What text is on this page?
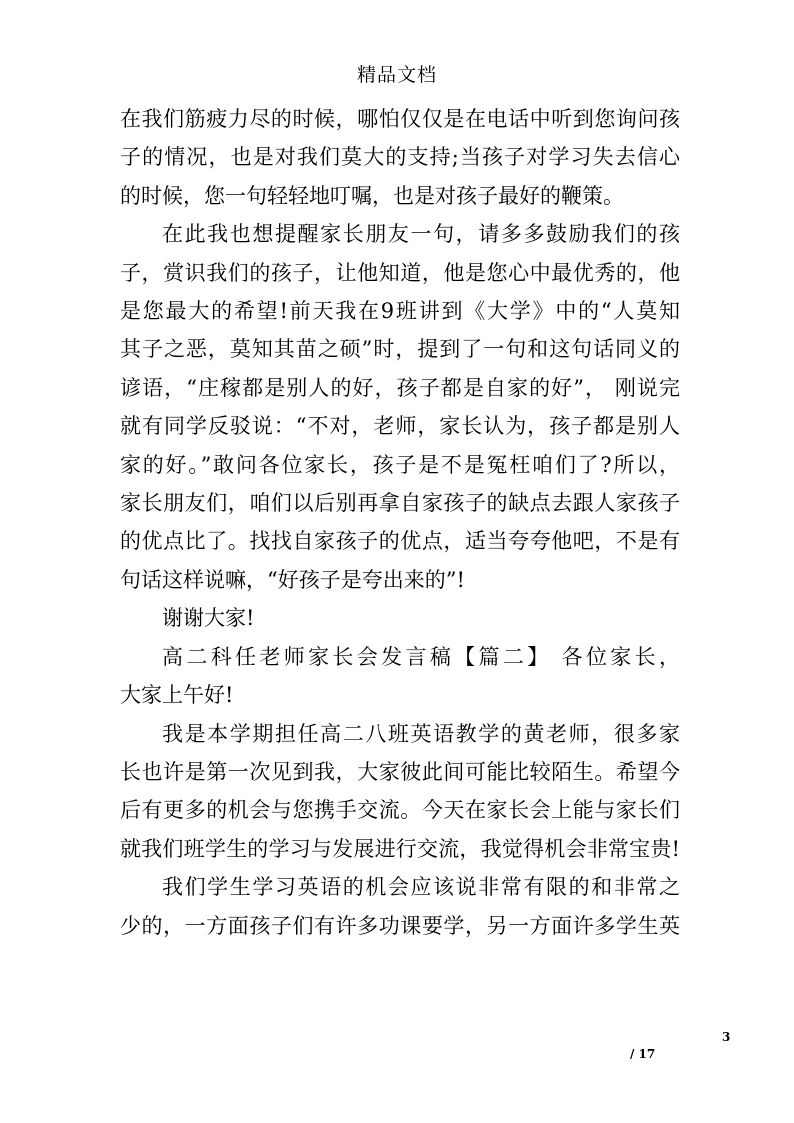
精品文档

在我们筋疲力尽的时候，哪怕仅仅是在电话中听到您询问孩
子的情况，也是对我们莫大的支持;当孩子对学习失去信心
的时候，您一句轻轻地叮嘱，也是对孩子最好的鞭策。

在此我也想提醒家长朋友一句，请多多鼓励我们的孩
子，赏识我们的孩子，让他知道，他是您心中最优秀的，他
是您最大的希望!前天我在9班讲到《大学》中的“人莫知
其子之恶，莫知其苗之硕”时，提到了一句和这句话同义的
谚语，“庄稼都是别人的好，孩子都是自家的好”， 刚说完
就有同学反驳说：“不对，老师，家长认为，孩子都是别人
家的好。”敢问各位家长，孩子是不是冤枉咱们了?所以，
家长朋友们，咱们以后别再拿自家孩子的缺点去跟人家孩子
的优点比了。找找自家孩子的优点，适当夸夸他吧，不是有
句话这样说嘛，“好孩子是夸出来的”!

谢谢大家!

高二科任老师家长会发言稿【篇二】 各位家长，
大家上午好!

我是本学期担任高二八班英语教学的黄老师，很多家
长也许是第一次见到我，大家彼此间可能比较陌生。希望今
后有更多的机会与您携手交流。今天在家长会上能与家长们
就我们班学生的学习与发展进行交流，我觉得机会非常宝贵!

我们学生学习英语的机会应该说非常有限的和非常之
少的，一方面孩子们有许多功课要学，另一方面许多学生英

3
/ 17
